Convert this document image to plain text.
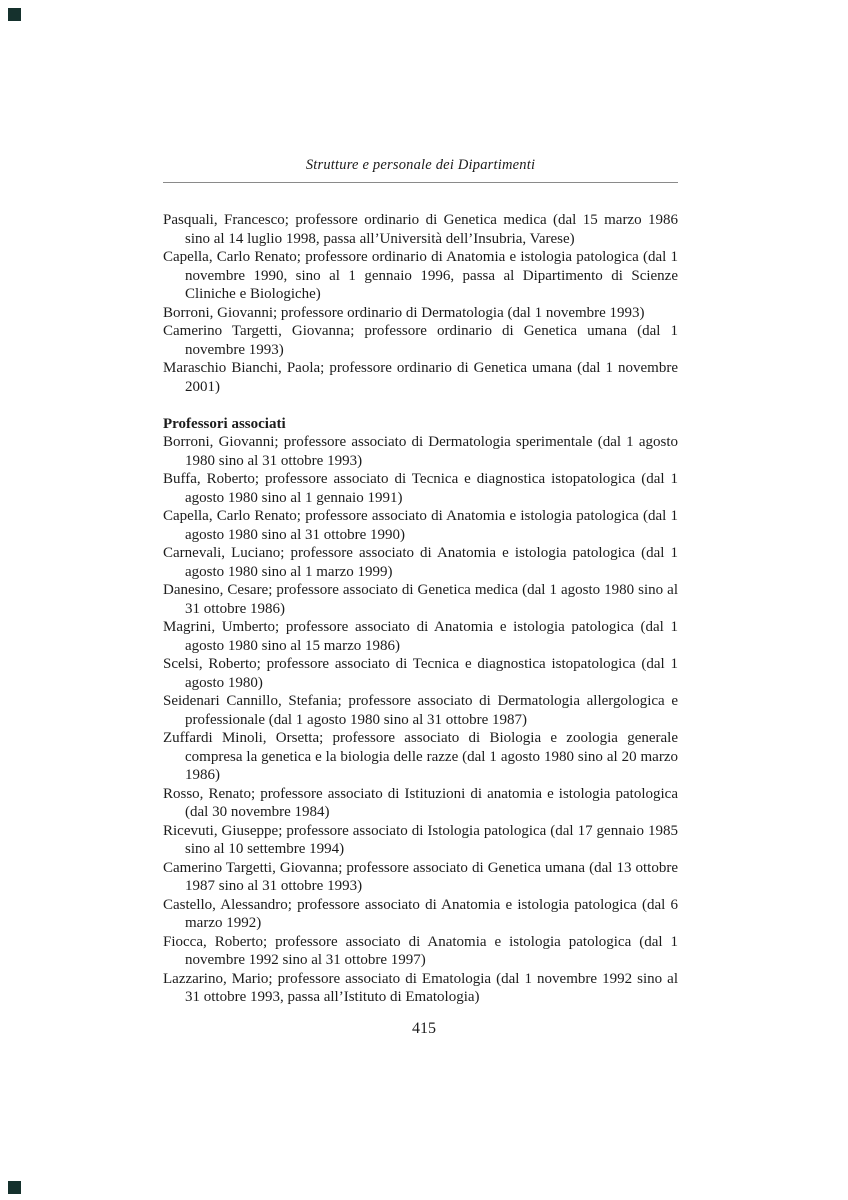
Strutture e personale dei Dipartimenti

Pasquali, Francesco; professore ordinario di Genetica medica (dal 15 marzo 1986 sino al 14 luglio 1998, passa all’Università dell’Insubria, Varese)

Capella, Carlo Renato; professore ordinario di Anatomia e istologia patologica (dal 1 novembre 1990, sino al 1 gennaio 1996, passa al Dipartimento di Scienze Cliniche e Biologiche)

Borroni, Giovanni; professore ordinario di Dermatologia (dal 1 novembre 1993)

Camerino Targetti, Giovanna; professore ordinario di Genetica umana (dal 1 novembre 1993)

Maraschio Bianchi, Paola; professore ordinario di Genetica umana (dal 1 novembre 2001)

Professori associati

Borroni, Giovanni; professore associato di Dermatologia sperimentale (dal 1 agosto 1980 sino al 31 ottobre 1993)

Buffa, Roberto; professore associato di Tecnica e diagnostica istopatologica (dal 1 agosto 1980 sino al 1 gennaio 1991)

Capella, Carlo Renato; professore associato di Anatomia e istologia patologica (dal 1 agosto 1980 sino al 31 ottobre 1990)

Carnevali, Luciano; professore associato di Anatomia e istologia patologica (dal 1 agosto 1980 sino al 1 marzo 1999)

Danesino, Cesare; professore associato di Genetica medica (dal 1 agosto 1980 sino al 31 ottobre 1986)

Magrini, Umberto; professore associato di Anatomia e istologia patologica (dal 1 agosto 1980 sino al 15 marzo 1986)

Scelsi, Roberto; professore associato di Tecnica e diagnostica istopatologica (dal 1 agosto 1980)

Seidenari Cannillo, Stefania; professore associato di Dermatologia allergologica e professionale (dal 1 agosto 1980 sino al 31 ottobre 1987)

Zuffardi Minoli, Orsetta; professore associato di Biologia e zoologia generale compresa la genetica e la biologia delle razze (dal 1 agosto 1980 sino al 20 marzo 1986)

Rosso, Renato; professore associato di Istituzioni di anatomia e istologia patologica (dal 30 novembre 1984)

Ricevuti, Giuseppe; professore associato di Istologia patologica (dal 17 gennaio 1985 sino al 10 settembre 1994)

Camerino Targetti, Giovanna; professore associato di Genetica umana (dal 13 ottobre 1987 sino al 31 ottobre 1993)

Castello, Alessandro; professore associato di Anatomia e istologia patologica (dal 6 marzo 1992)

Fiocca, Roberto; professore associato di Anatomia e istologia patologica (dal 1 novembre 1992 sino al 31 ottobre 1997)

Lazzarino, Mario; professore associato di Ematologia (dal 1 novembre 1992 sino al 31 ottobre 1993, passa all’Istituto di Ematologia)

415
